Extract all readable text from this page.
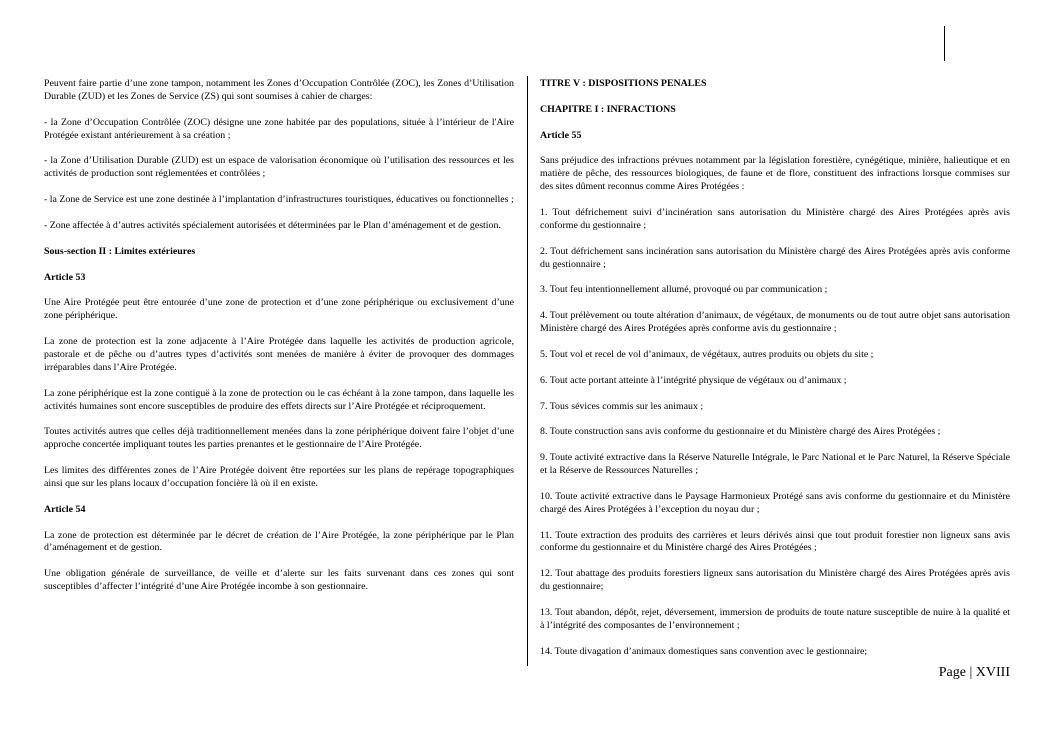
Peuvent faire partie d’une zone tampon, notamment les Zones d’Occupation Contrôlée (ZOC), les Zones d’Utilisation Durable (ZUD) et les Zones de Service (ZS) qui sont soumises à cahier de charges:

- la Zone d’Occupation Contrôlée (ZOC) désigne une zone habitée par des populations, située à l’intérieur de l'Aire Protégée existant antérieurement à sa création ;

- la Zone d’Utilisation Durable (ZUD) est un espace de valorisation économique où l’utilisation des ressources et les activités de production sont réglementées et contrôlées ;

- la Zone de Service est une zone destinée à l’implantation d’infrastructures touristiques, éducatives ou fonctionnelles ;

- Zone affectée à d’autres activités spécialement autorisées et déterminées par le Plan d’aménagement et de gestion.

Sous-section II : Limites extérieures

Article 53

Une Aire Protégée peut être entourée d’une zone de protection et d’une zone périphérique ou exclusivement d’une zone périphérique.

La zone de protection est la zone adjacente à l’Aire Protégée dans laquelle les activités de production agricole, pastorale et de pêche ou d’autres types d’activités sont menées de manière à éviter de provoquer des dommages irréparables dans l’Aire Protégée.

La zone périphérique est la zone contiguë à la zone de protection ou le cas échéant à la zone tampon, dans laquelle les activités humaines sont encore susceptibles de produire des effets directs sur l’Aire Protégée et réciproquement.

Toutes activités autres que celles déjà traditionnellement menées dans la zone périphérique doivent faire l’objet d’une approche concertée impliquant toutes les parties prenantes et le gestionnaire de l’Aire Protégée.

Les limites des différentes zones de l’Aire Protégée doivent être reportées sur les plans de repérage topographiques ainsi que sur les plans locaux d’occupation foncière là où il en existe.

Article 54

La zone de protection est déterminée par le décret de création de l’Aire Protégée, la zone périphérique par le Plan d’aménagement et de gestion.

Une obligation générale de surveillance, de veille et d’alerte sur les faits survenant dans ces zones qui sont susceptibles d’affecter l’intégrité d’une Aire Protégée incombe à son gestionnaire.

TITRE V : DISPOSITIONS PENALES

CHAPITRE I : INFRACTIONS

Article 55

Sans préjudice des infractions prévues notamment par la législation forestière, cynégétique, minière, halieutique et en matière de pêche, des ressources biologiques, de faune et de flore, constituent des infractions lorsque commises sur des sites dûment reconnus comme Aires Protégées :

1. Tout défrichement suivi d’incinération sans autorisation du Ministère chargé des Aires Protégées après avis conforme du gestionnaire ;

2. Tout défrichement sans incinération sans autorisation du Ministère chargé des Aires Protégées après avis conforme du gestionnaire ;

3. Tout feu intentionnellement allumé, provoqué ou par communication ;

4. Tout prélèvement ou toute altération d’animaux, de végétaux, de monuments ou de tout autre objet sans autorisation Ministère chargé des Aires Protégées après conforme avis du gestionnaire ;

5. Tout vol et recel de vol d’animaux, de végétaux, autres produits ou objets du site ;

6. Tout acte portant atteinte à l’intégrité physique de végétaux ou d’animaux ;

7. Tous sévices commis sur les animaux ;

8. Toute construction sans avis conforme du gestionnaire et du Ministère chargé des Aires Protégées ;

9. Toute activité extractive dans la Réserve Naturelle Intégrale, le Parc National et le Parc Naturel, la Réserve Spéciale et la Réserve de Ressources Naturelles ;

10. Toute activité extractive dans le Paysage Harmonieux Protégé sans avis conforme du gestionnaire et du Ministère chargé des Aires Protégées à l’exception du noyau dur ;

11. Toute extraction des produits des carrières et leurs dérivés ainsi que tout produit forestier non ligneux sans avis conforme du gestionnaire et du Ministère chargé des Aires Protégées ;

12. Tout abattage des produits forestiers ligneux sans autorisation du Ministère chargé des Aires Protégées après avis du gestionnaire;

13. Tout abandon, dépôt, rejet, déversement, immersion de produits de toute nature susceptible de nuire à la qualité et à l’intégrité des composantes de l’environnement ;

14. Toute divagation d’animaux domestiques sans convention avec le gestionnaire;

Page | XVIII
